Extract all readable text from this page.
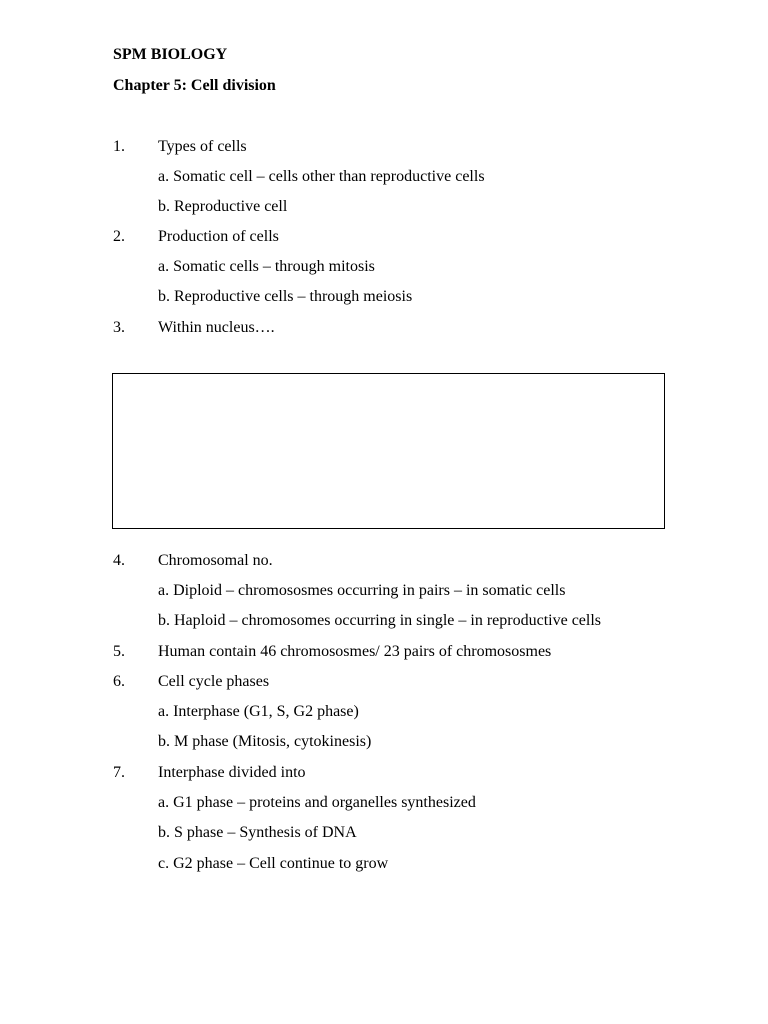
SPM BIOLOGY
Chapter 5: Cell division
1. Types of cells
a. Somatic cell – cells other than reproductive cells
b. Reproductive cell
2. Production of cells
a. Somatic cells – through mitosis
b. Reproductive cells – through meiosis
3. Within nucleus….
4. Chromosomal no.
a. Diploid – chromososmes occurring in pairs – in somatic cells
b. Haploid – chromosomes occurring in single – in reproductive cells
5. Human contain 46 chromososmes/ 23 pairs of chromososmes
6. Cell cycle phases
a. Interphase (G1, S, G2 phase)
b. M phase (Mitosis, cytokinesis)
7. Interphase divided into
a. G1 phase – proteins and organelles synthesized
b. S phase – Synthesis of DNA
c. G2 phase – Cell continue to grow
